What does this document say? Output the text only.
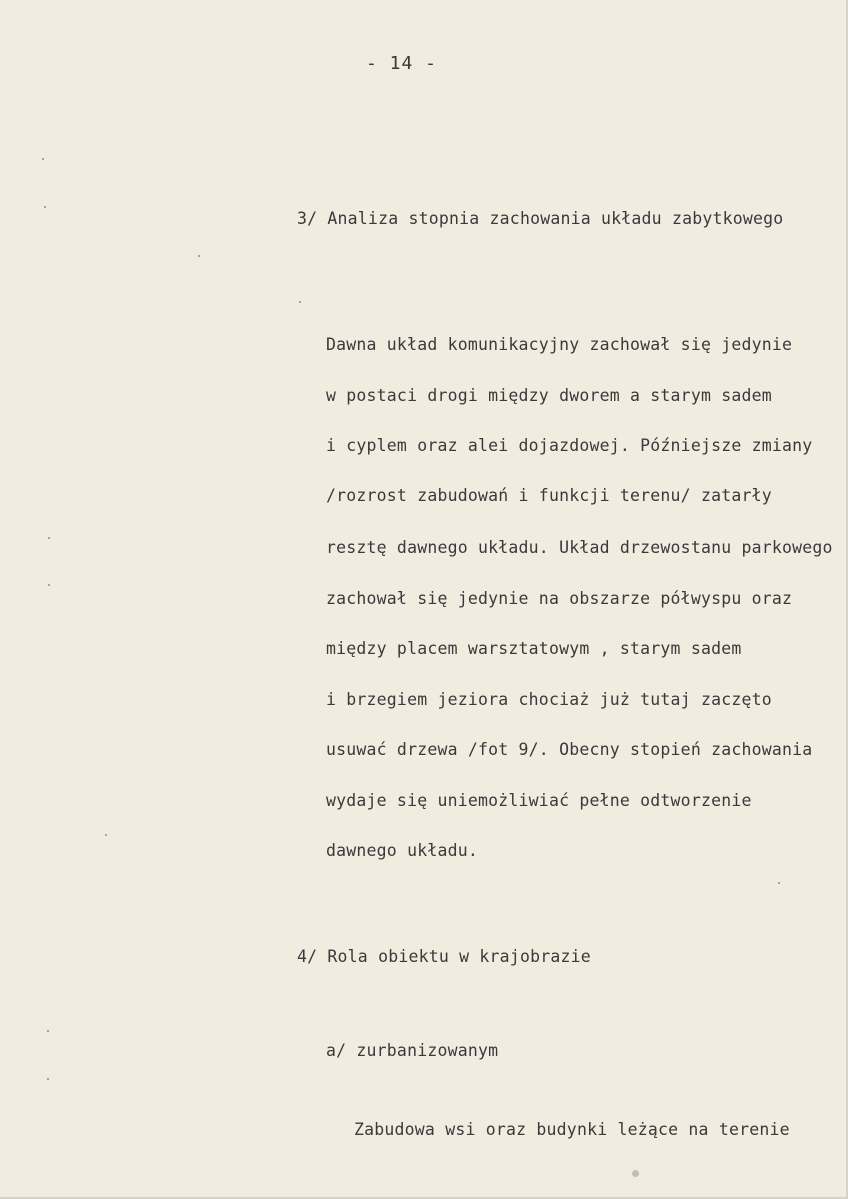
- 14 -
3/ Analiza stopnia zachowania układu zabytkowego
Dawna układ komunikacyjny zachował się jedynie
w postaci drogi między dworem a starym sadem
i cyplem oraz alei dojazdowej. Późniejsze zmiany
/rozrost zabudowań i funkcji terenu/ zatarły
resztę dawnego układu. Układ drzewostanu parkowego
zachował się jedynie na obszarze półwyspu oraz
między placem warsztatowym , starym sadem
i brzegiem jeziora chociaż już tutaj zaczęto
usuwać drzewa /fot 9/. Obecny stopień zachowania
wydaje się uniemożliwiać pełne odtworzenie
dawnego układu.
4/ Rola obiektu w krajobrazie
a/ zurbanizowanym
Zabudowa wsi oraz budynki leżące na terenie
